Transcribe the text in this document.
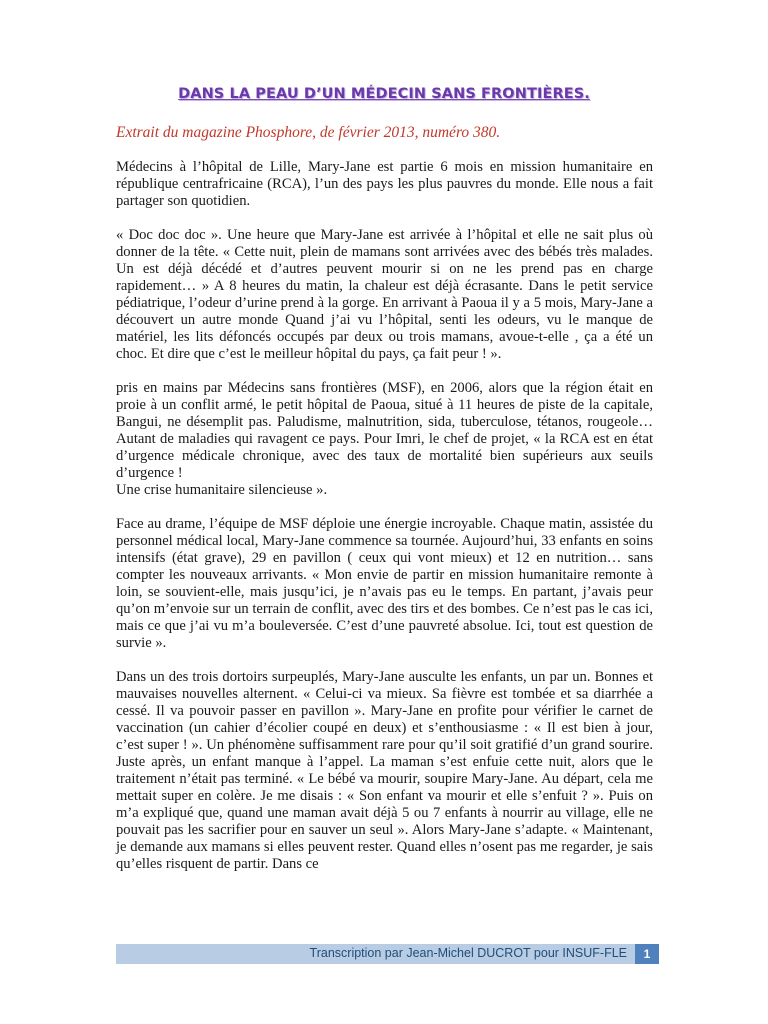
DANS LA PEAU D’UN MÉDECIN SANS FRONTIÈRES.
Extrait du magazine Phosphore, de février 2013, numéro 380.

Médecins à l’hôpital de Lille, Mary-Jane est partie 6 mois en mission humanitaire en république centrafricaine (RCA), l’un des pays les plus pauvres du monde. Elle nous a fait partager son quotidien.

« Doc doc doc ». Une heure que Mary-Jane est arrivée à l’hôpital et elle ne sait plus où donner de la tête. « Cette nuit, plein de mamans sont arrivées avec des bébés très malades. Un est déjà décédé et d’autres peuvent mourir si on ne les prend pas en charge rapidement… » A 8 heures du matin, la chaleur est déjà écrasante. Dans le petit service pédiatrique, l’odeur d’urine prend à la gorge. En arrivant à Paoua il y a 5 mois, Mary-Jane a découvert un autre monde Quand j’ai vu l’hôpital, senti les odeurs, vu le manque de matériel, les lits défoncés occupés par deux ou trois mamans, avoue-t-elle , ça a été un choc. Et dire que c’est le meilleur hôpital du pays, ça fait peur ! ».

pris en mains par Médecins sans frontières (MSF), en 2006, alors que la région était en proie à un conflit armé, le petit hôpital de Paoua, situé à 11 heures de piste de la capitale, Bangui, ne désemplit pas. Paludisme, malnutrition, sida, tuberculose, tétanos, rougeole… Autant de maladies qui ravagent ce pays. Pour Imri, le chef de projet, « la RCA est en état d’urgence médicale chronique, avec des taux de mortalité bien supérieurs aux seuils d’urgence !
Une crise humanitaire silencieuse ».

Face au drame, l’équipe de MSF déploie une énergie incroyable. Chaque matin, assistée du personnel médical local, Mary-Jane commence sa tournée. Aujourd’hui, 33 enfants en soins intensifs (état grave), 29 en pavillon ( ceux qui vont mieux) et 12 en nutrition… sans compter les nouveaux arrivants. « Mon envie de partir en mission humanitaire remonte à loin, se souvient-elle, mais jusqu’ici, je n’avais pas eu le temps. En partant, j’avais peur qu’on m’envoie sur un terrain de conflit, avec des tirs et des bombes. Ce n’est pas le cas ici, mais ce que j’ai vu m’a bouleversée. C’est d’une pauvreté absolue. Ici, tout est question de survie ».

Dans un des trois dortoirs surpeuplés, Mary-Jane ausculte les enfants, un par un. Bonnes et mauvaises nouvelles alternent. « Celui-ci va mieux. Sa fièvre est tombée et sa diarrhée a cessé. Il va pouvoir passer en pavillon ». Mary-Jane en profite pour vérifier le carnet de vaccination (un cahier d’écolier coupé en deux) et s’enthousiasme : « Il est bien à jour, c’est super ! ». Un phénomène suffisamment rare pour qu’il soit gratifié d’un grand sourire. Juste après, un enfant manque à l’appel. La maman s’est enfuie cette nuit, alors que le traitement n’était pas terminé. « Le bébé va mourir, soupire Mary-Jane. Au départ, cela me mettait super en colère. Je me disais : « Son enfant va mourir et elle s’enfuit ? ». Puis on m’a expliqué que, quand une maman avait déjà 5 ou 7 enfants à nourrir au village, elle ne pouvait pas les sacrifier pour en sauver un seul ». Alors Mary-Jane s’adapte. « Maintenant, je demande aux mamans si elles peuvent rester. Quand elles n’osent pas me regarder, je sais qu’elles risquent de partir. Dans ce

Transcription par Jean-Michel DUCROT pour INSUF-FLE	1
